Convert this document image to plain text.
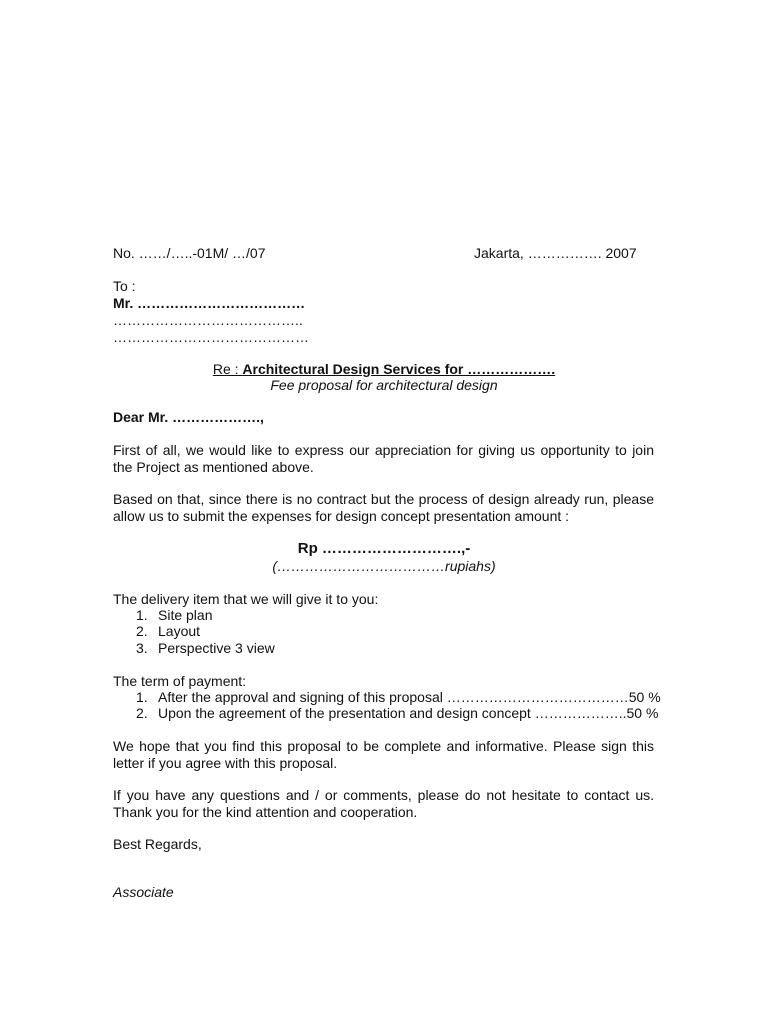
No. ……/…..-01M/ …/07	Jakarta, ……………. 2007
To :
Mr. ………………………………
…………………………………..
……………………………………
Re : Architectural Design Services for ……………….
Fee proposal for architectural design
Dear Mr. ……………….,
First of all, we would like to express our appreciation for giving us opportunity to join the Project as mentioned above.
Based on that, since there is no contract but the process of design already run, please allow us to submit the expenses for design concept presentation amount :
Rp ……………………….,-
(………………………………rupiahs)
The delivery item that we will give it to you:
1. Site plan
2. Layout
3. Perspective 3 view
The term of payment:
1. After the approval and signing of this proposal …………………………………50 %
2. Upon the agreement of the presentation and design concept ………………..50 %
We hope that you find this proposal to be complete and informative. Please sign this letter if you agree with this proposal.
If you have any questions and / or comments, please do not hesitate to contact us. Thank you for the kind attention and cooperation.
Best Regards,
Associate
